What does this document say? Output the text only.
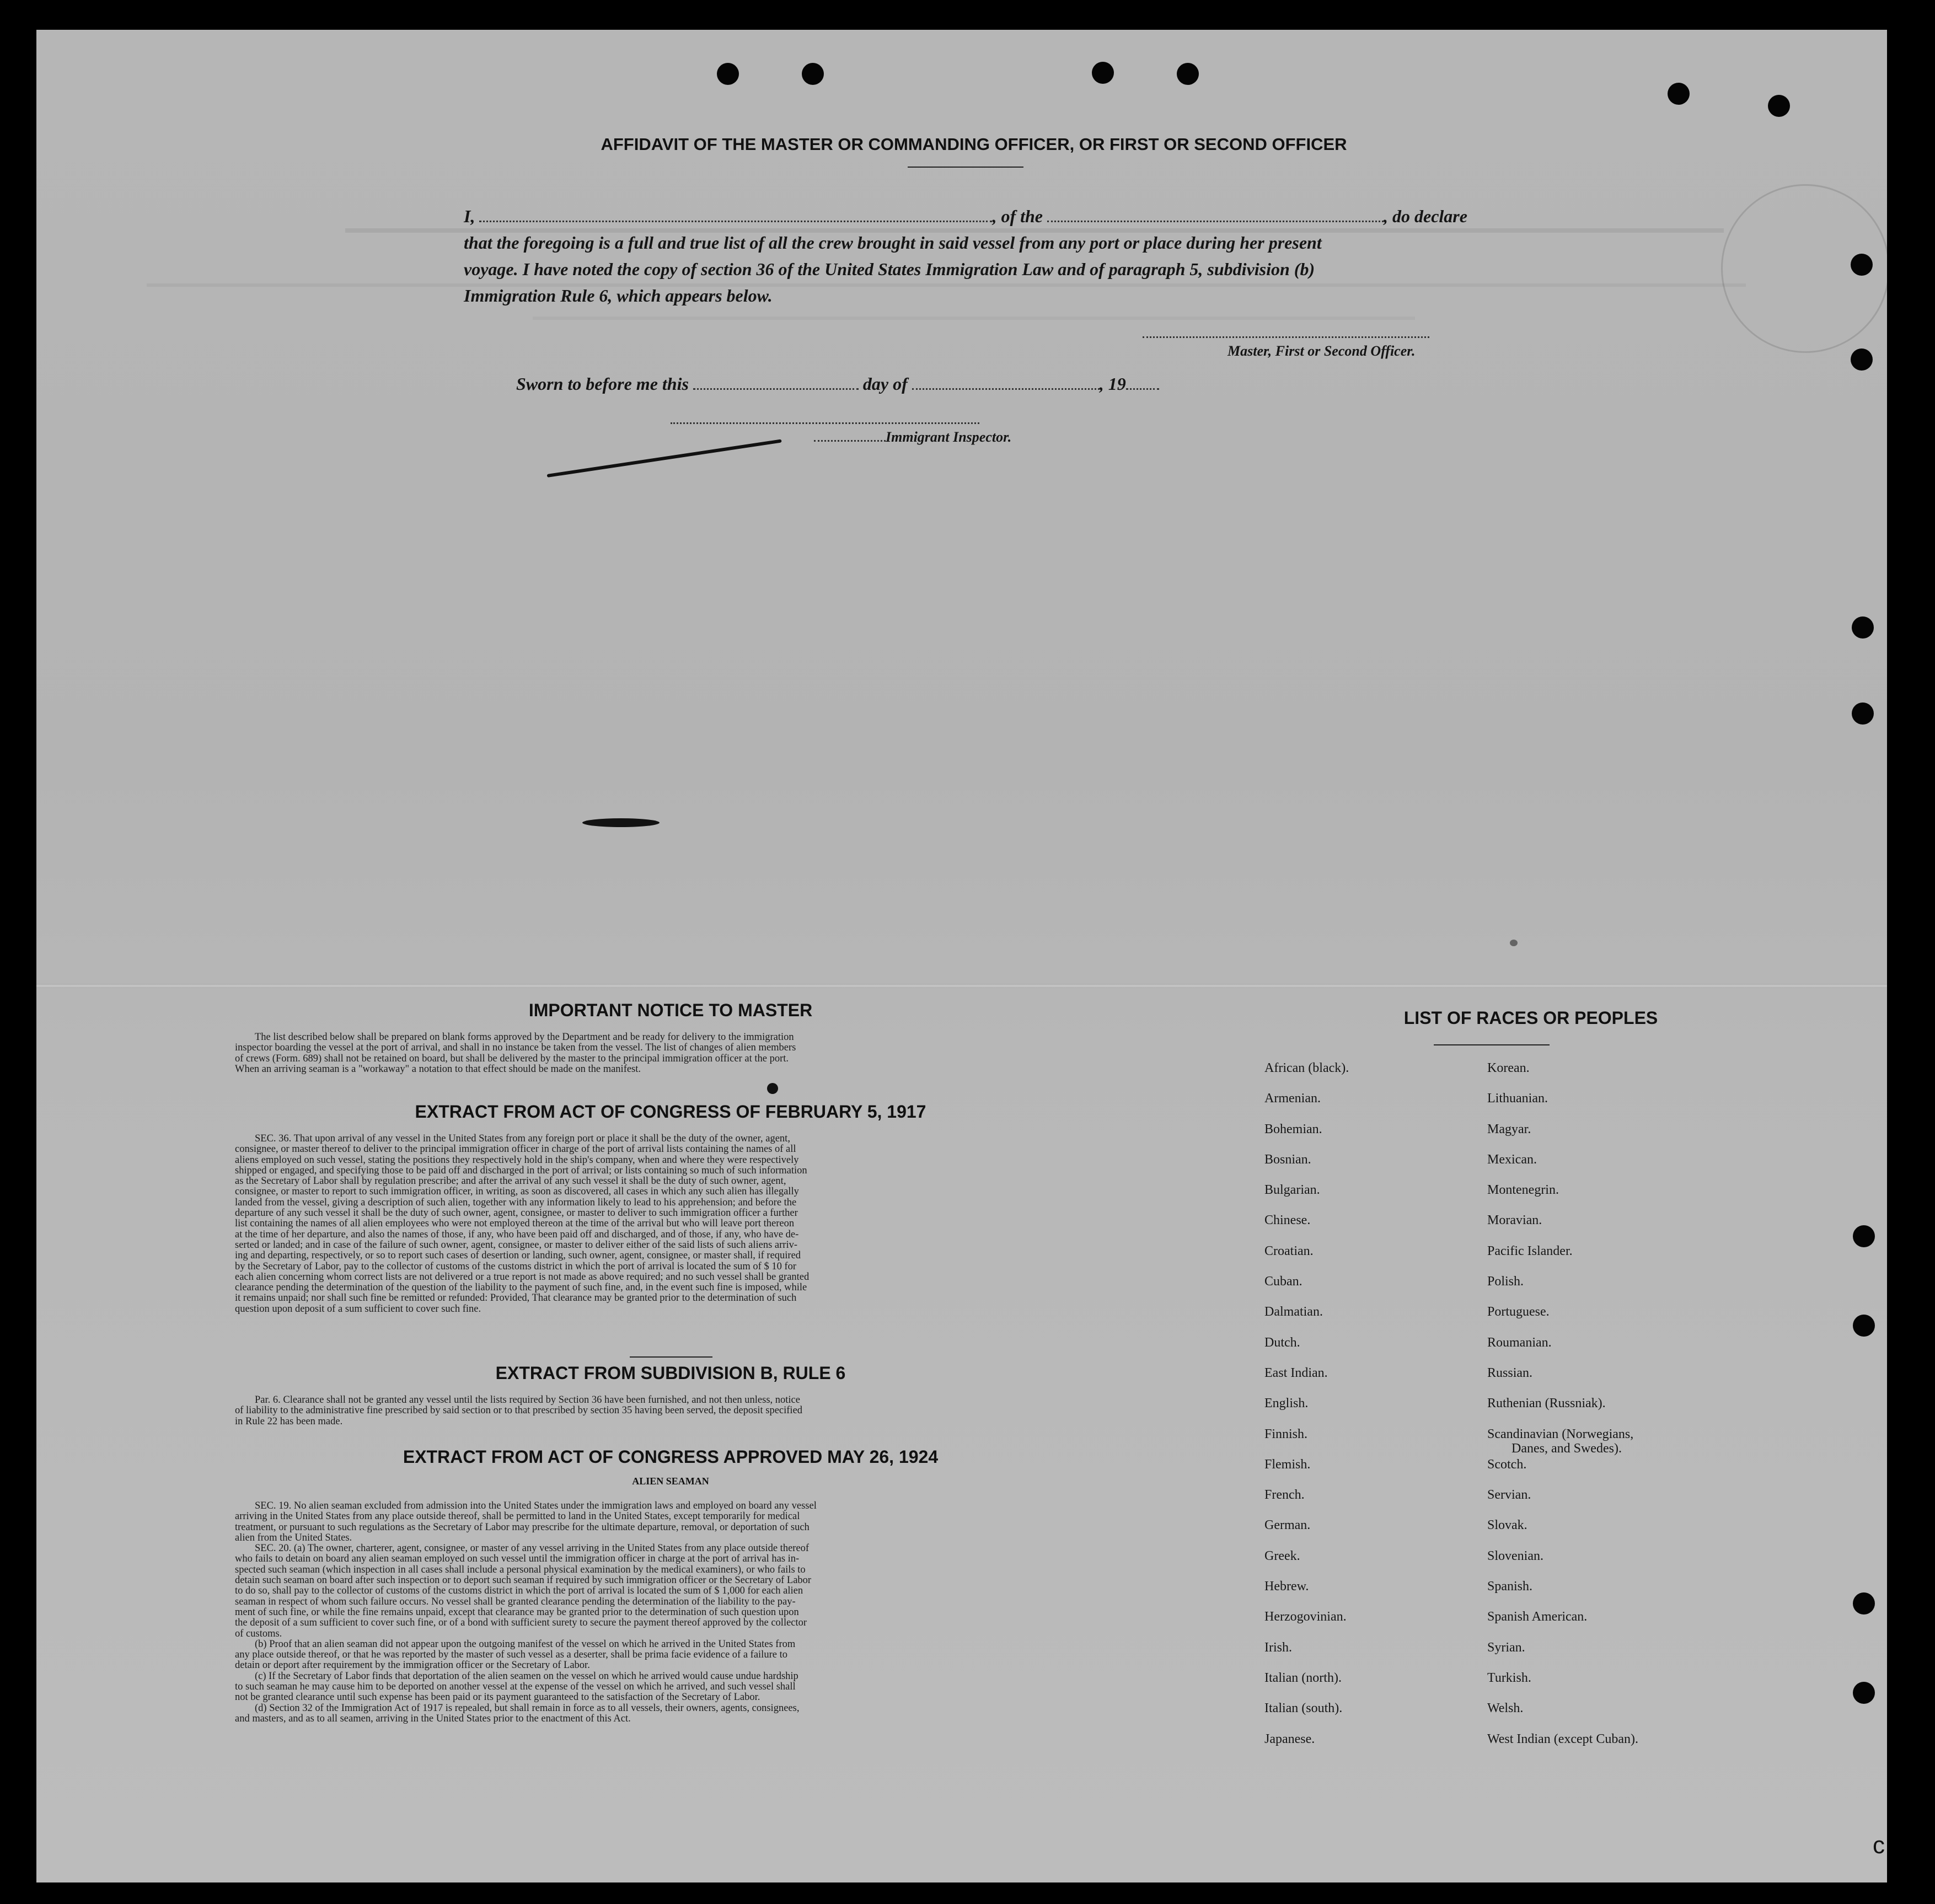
AFFIDAVIT OF THE MASTER OR COMMANDING OFFICER, OR FIRST OR SECOND OFFICER
I,	, of the	, do declare
that the foregoing is a full and true list of all the crew brought in said vessel from any port or place during her present
voyage. I have noted the copy of section 36 of the United States Immigration Law and of paragraph 5, subdivision (b)
Immigration Rule 6, which appears below.
Master, First or Second Officer.
Sworn to before me this	day of	, 19
Immigrant Inspector.
IMPORTANT NOTICE TO MASTER
The list described below shall be prepared on blank forms approved by the Department and be ready for delivery to the immigration
inspector boarding the vessel at the port of arrival, and shall in no instance be taken from the vessel. The list of changes of alien members
of crews (Form. 689) shall not be retained on board, but shall be delivered by the master to the principal immigration officer at the port.
When an arriving seaman is a "workaway" a notation to that effect should be made on the manifest.
EXTRACT FROM ACT OF CONGRESS OF FEBRUARY 5, 1917
SEC. 36. That upon arrival of any vessel in the United States from any foreign port or place it shall be the duty of the owner, agent,
consignee, or master thereof to deliver to the principal immigration officer in charge of the port of arrival lists containing the names of all
aliens employed on such vessel, stating the positions they respectively hold in the ship's company, when and where they were respectively
shipped or engaged, and specifying those to be paid off and discharged in the port of arrival; or lists containing so much of such information
as the Secretary of Labor shall by regulation prescribe; and after the arrival of any such vessel it shall be the duty of such owner, agent,
consignee, or master to report to such immigration officer, in writing, as soon as discovered, all cases in which any such alien has illegally
landed from the vessel, giving a description of such alien, together with any information likely to lead to his apprehension; and before the
departure of any such vessel it shall be the duty of such owner, agent, consignee, or master to deliver to such immigration officer a further
list containing the names of all alien employees who were not employed thereon at the time of the arrival but who will leave port thereon
at the time of her departure, and also the names of those, if any, who have been paid off and discharged, and of those, if any, who have de-
serted or landed; and in case of the failure of such owner, agent, consignee, or master to deliver either of the said lists of such aliens arriv-
ing and departing, respectively, or so to report such cases of desertion or landing, such owner, agent, consignee, or master shall, if required
by the Secretary of Labor, pay to the collector of customs of the customs district in which the port of arrival is located the sum of $ 10 for
each alien concerning whom correct lists are not delivered or a true report is not made as above required; and no such vessel shall be granted
clearance pending the determination of the question of the liability to the payment of such fine, and, in the event such fine is imposed, while
it remains unpaid; nor shall such fine be remitted or refunded: Provided, That clearance may be granted prior to the determination of such
question upon deposit of a sum sufficient to cover such fine.
EXTRACT FROM SUBDIVISION B, RULE 6
Par. 6. Clearance shall not be granted any vessel until the lists required by Section 36 have been furnished, and not then unless, notice
of liability to the administrative fine prescribed by said section or to that prescribed by section 35 having been served, the deposit specified
in Rule 22 has been made.
EXTRACT FROM ACT OF CONGRESS APPROVED MAY 26, 1924
ALIEN SEAMAN
SEC. 19. No alien seaman excluded from admission into the United States under the immigration laws and employed on board any vessel
arriving in the United States from any place outside thereof, shall be permitted to land in the United States, except temporarily for medical
treatment, or pursuant to such regulations as the Secretary of Labor may prescribe for the ultimate departure, removal, or deportation of such
alien from the United States.
SEC. 20. (a) The owner, charterer, agent, consignee, or master of any vessel arriving in the United States from any place outside thereof
who fails to detain on board any alien seaman employed on such vessel until the immigration officer in charge at the port of arrival has in-
spected such seaman (which inspection in all cases shall include a personal physical examination by the medical examiners), or who fails to
detain such seaman on board after such inspection or to deport such seaman if required by such immigration officer or the Secretary of Labor
to do so, shall pay to the collector of customs of the customs district in which the port of arrival is located the sum of $ 1,000 for each alien
seaman in respect of whom such failure occurs. No vessel shall be granted clearance pending the determination of the liability to the pay-
ment of such fine, or while the fine remains unpaid, except that clearance may be granted prior to the determination of such question upon
the deposit of a sum sufficient to cover such fine, or of a bond with sufficient surety to secure the payment thereof approved by the collector
of customs.
(b) Proof that an alien seaman did not appear upon the outgoing manifest of the vessel on which he arrived in the United States from
any place outside thereof, or that he was reported by the master of such vessel as a deserter, shall be prima facie evidence of a failure to
detain or deport after requirement by the immigration officer or the Secretary of Labor.
(c) If the Secretary of Labor finds that deportation of the alien seamen on the vessel on which he arrived would cause undue hardship
to such seaman he may cause him to be deported on another vessel at the expense of the vessel on which he arrived, and such vessel shall
not be granted clearance until such expense has been paid or its payment guaranteed to the satisfaction of the Secretary of Labor.
(d) Section 32 of the Immigration Act of 1917 is repealed, but shall remain in force as to all vessels, their owners, agents, consignees,
and masters, and as to all seamen, arriving in the United States prior to the enactment of this Act.
LIST OF RACES OR PEOPLES
African (black).
Armenian.
Bohemian.
Bosnian.
Bulgarian.
Chinese.
Croatian.
Cuban.
Dalmatian.
Dutch.
East Indian.
English.
Finnish.
Flemish.
French.
German.
Greek.
Hebrew.
Herzogovinian.
Irish.
Italian (north).
Italian (south).
Japanese.
Korean.
Lithuanian.
Magyar.
Mexican.
Montenegrin.
Moravian.
Pacific Islander.
Polish.
Portuguese.
Roumanian.
Russian.
Ruthenian (Russniak).
Scandinavian (Norwegians,
Danes, and Swedes).
Scotch.
Servian.
Slovak.
Slovenian.
Spanish.
Spanish American.
Syrian.
Turkish.
Welsh.
West Indian (except Cuban).
c
